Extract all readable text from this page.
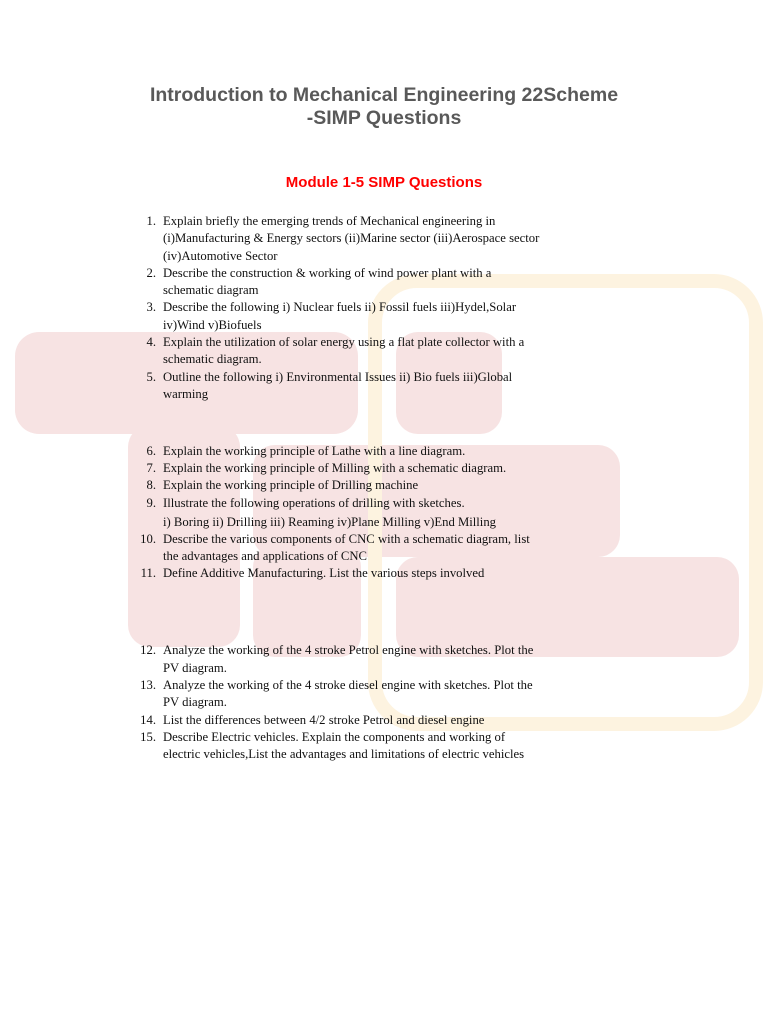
Introduction to Mechanical Engineering 22Scheme
-SIMP Questions
Module 1-5 SIMP Questions
1. Explain briefly the emerging trends of Mechanical engineering in
(i)Manufacturing & Energy sectors (ii)Marine sector (iii)Aerospace sector
(iv)Automotive Sector
2. Describe the construction & working of wind power plant with a
schematic diagram
3. Describe the following i) Nuclear fuels ii) Fossil fuels iii)Hydel,Solar
iv)Wind v)Biofuels
4. Explain the utilization of solar energy using a flat plate collector with a
schematic diagram.
5. Outline the following i) Environmental Issues ii) Bio fuels iii)Global
warming
6. Explain the working principle of Lathe with a line diagram.
7. Explain the working principle of Milling with a schematic diagram.
8. Explain the working principle of Drilling machine
9. Illustrate the following operations of drilling with sketches.
i) Boring ii) Drilling iii) Reaming iv)Plane Milling v)End Milling
10. Describe the various components of CNC with a schematic diagram, list
the advantages and applications of CNC
11. Define Additive Manufacturing. List the various steps involved
12. Analyze the working of the 4 stroke Petrol engine with sketches. Plot the
PV diagram.
13. Analyze the working of the 4 stroke diesel engine with sketches. Plot the
PV diagram.
14. List the differences between 4/2 stroke Petrol and diesel engine
15. Describe Electric vehicles. Explain the components and working of
electric vehicles,List the advantages and limitations of electric vehicles
